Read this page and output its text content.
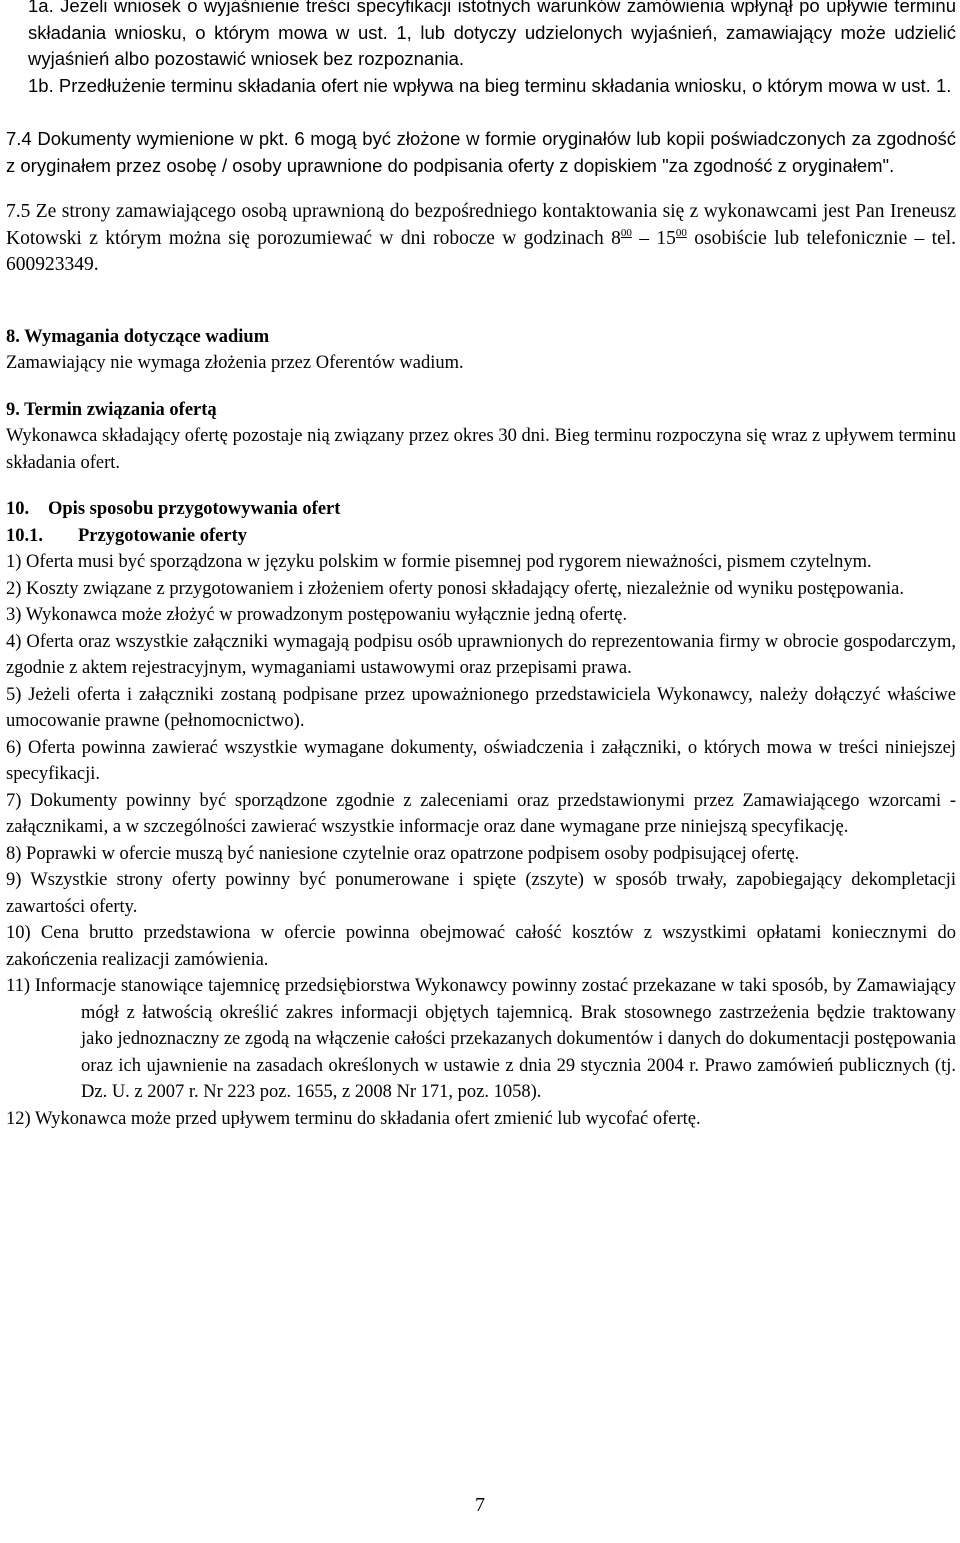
1a. Jeżeli wniosek o wyjaśnienie treści specyfikacji istotnych warunków zamówienia wpłynął po upływie terminu składania wniosku, o którym mowa w ust. 1, lub dotyczy udzielonych wyjaśnień, zamawiający może udzielić wyjaśnień albo pozostawić wniosek bez rozpoznania.

1b. Przedłużenie terminu składania ofert nie wpływa na bieg terminu składania wniosku, o którym mowa w ust. 1.

7.4 Dokumenty wymienione w pkt. 6 mogą być złożone w formie oryginałów lub kopii poświadczonych za zgodność z oryginałem przez osobę / osoby uprawnione do podpisania oferty z dopiskiem "za zgodność z oryginałem".

7.5 Ze strony zamawiającego osobą uprawnioną do bezpośredniego kontaktowania się z wykonawcami jest Pan Ireneusz Kotowski z którym można się porozumiewać w dni robocze w godzinach $8^{00} - 15^{00}$ osobiście lub telefonicznie – tel. 600923349.

8. Wymagania dotyczące wadium

Zamawiający nie wymaga złożenia przez Oferentów wadium.

9. Termin związania ofertą

Wykonawca składający ofertę pozostaje nią związany przez okres 30 dni. Bieg terminu rozpoczyna się wraz z upływem terminu składania ofert.

10. Opis sposobu przygotowywania ofert

10.1. Przygotowanie oferty

1) Oferta musi być sporządzona w języku polskim w formie pisemnej pod rygorem nieważności, pismem czytelnym.

2) Koszty związane z przygotowaniem i złożeniem oferty ponosi składający ofertę, niezależnie od wyniku postępowania.

3) Wykonawca może złożyć w prowadzonym postępowaniu wyłącznie jedną ofertę.

4) Oferta oraz wszystkie załączniki wymagają podpisu osób uprawnionych do reprezentowania firmy w obrocie gospodarczym, zgodnie z aktem rejestracyjnym, wymaganiami ustawowymi oraz przepisami prawa.

5) Jeżeli oferta i załączniki zostaną podpisane przez upoważnionego przedstawiciela Wykonawcy, należy dołączyć właściwe umocowanie prawne (pełnomocnictwo).

6) Oferta powinna zawierać wszystkie wymagane dokumenty, oświadczenia i załączniki, o których mowa w treści niniejszej specyfikacji.

7) Dokumenty powinny być sporządzone zgodnie z zaleceniami oraz przedstawionymi przez Zamawiającego wzorcami - załącznikami, a w szczególności zawierać wszystkie informacje oraz dane wymagane prze niniejszą specyfikację.

8) Poprawki w ofercie muszą być naniesione czytelnie oraz opatrzone podpisem osoby podpisującej ofertę.

9) Wszystkie strony oferty powinny być ponumerowane i spięte (zszyte) w sposób trwały, zapobiegający dekompletacji zawartości oferty.

10) Cena brutto przedstawiona w ofercie powinna obejmować całość kosztów z wszystkimi opłatami koniecznymi do zakończenia realizacji zamówienia.

11) Informacje stanowiące tajemnicę przedsiębiorstwa Wykonawcy powinny zostać przekazane w taki sposób, by Zamawiający mógł z łatwością określić zakres informacji objętych tajemnicą. Brak stosownego zastrzeżenia będzie traktowany jako jednoznaczny ze zgodą na włączenie całości przekazanych dokumentów i danych do dokumentacji postępowania oraz ich ujawnienie na zasadach określonych w ustawie z dnia 29 stycznia 2004 r. Prawo zamówień publicznych (tj. Dz. U. z 2007 r. Nr 223 poz. 1655, z 2008 Nr 171, poz. 1058).

12) Wykonawca może przed upływem terminu do składania ofert zmienić lub wycofać ofertę.

7
